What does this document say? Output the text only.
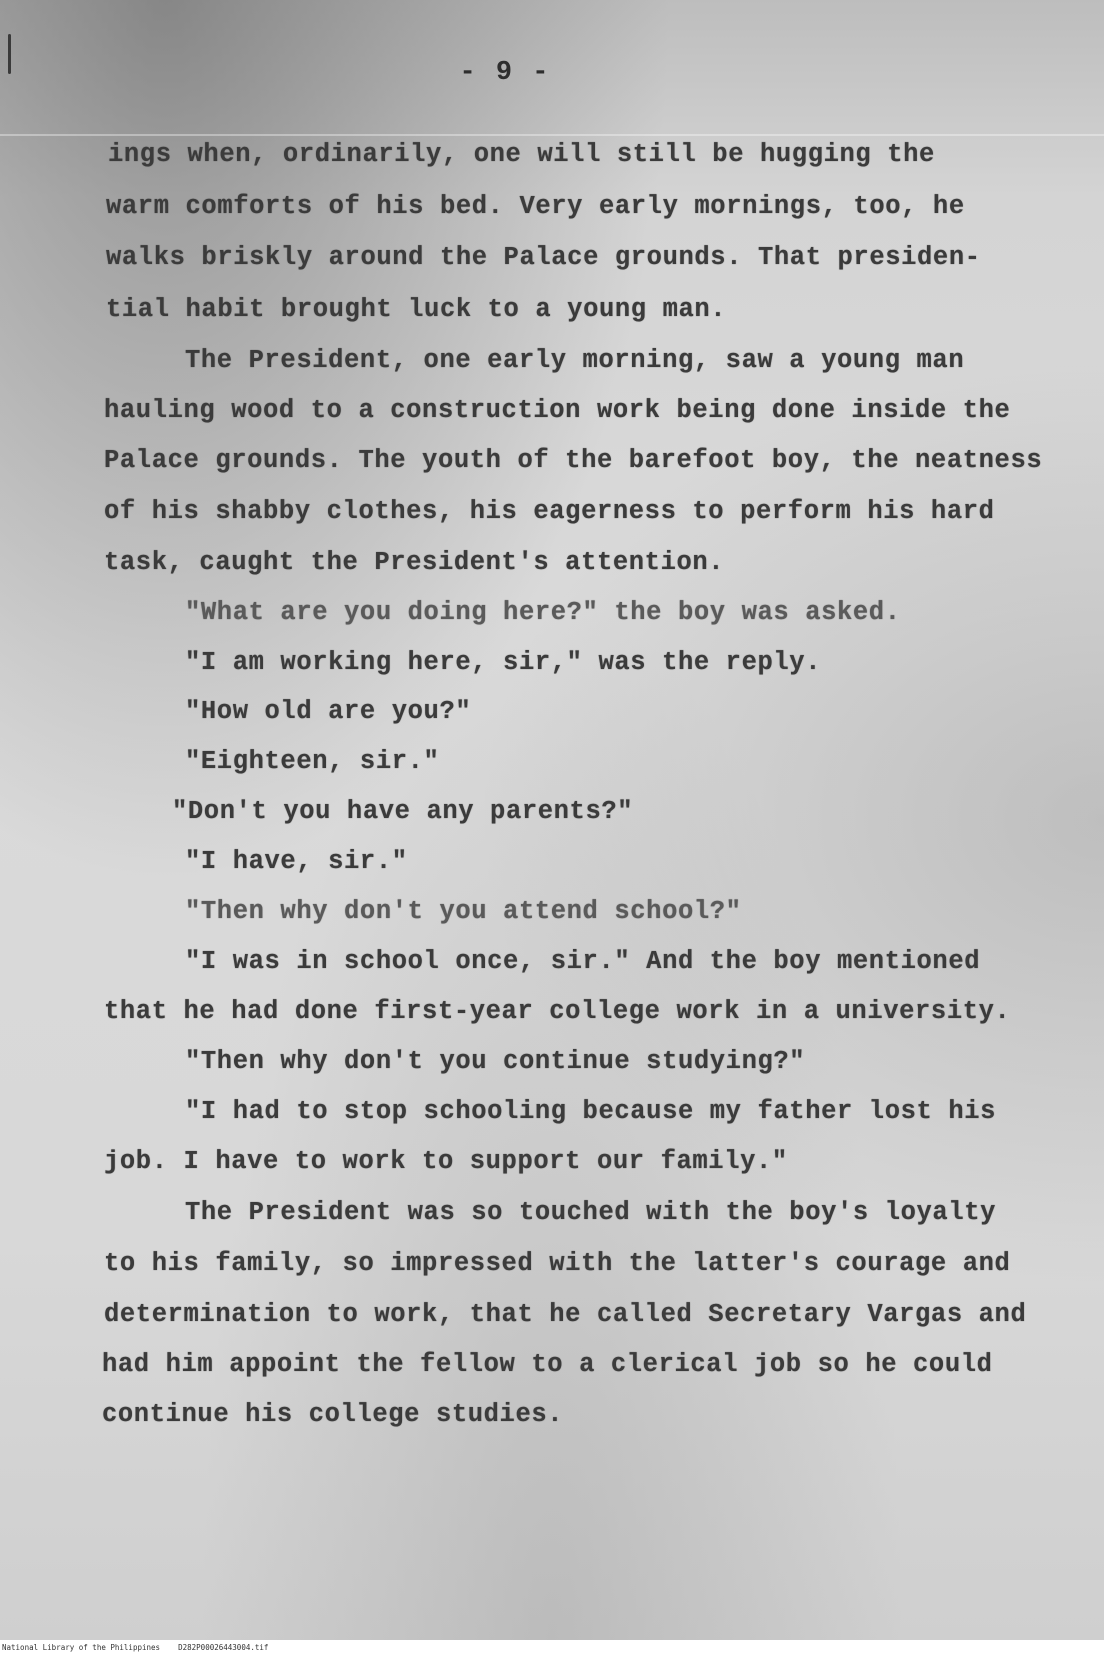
- 9 -
ings when, ordinarily, one will still be hugging the
warm comforts of his bed. Very early mornings, too, he
walks briskly around the Palace grounds. That presiden-
tial habit brought luck to a young man.
The President, one early morning, saw a young man
hauling wood to a construction work being done inside the
Palace grounds. The youth of the barefoot boy, the neatness
of his shabby clothes, his eagerness to perform his hard
task, caught the President's attention.
"What are you doing here?" the boy was asked.
"I am working here, sir," was the reply.
"How old are you?"
"Eighteen, sir."
"Don't you have any parents?"
"I have, sir."
"Then why don't you attend school?"
"I was in school once, sir." And the boy mentioned
that he had done first-year college work in a university.
"Then why don't you continue studying?"
"I had to stop schooling because my father lost his
job. I have to work to support our family."
The President was so touched with the boy's loyalty
to his family, so impressed with the latter's courage and
determination to work, that he called Secretary Vargas and
had him appoint the fellow to a clerical job so he could
continue his college studies.
National Library of the Philippines    D282P00026443004.tif
